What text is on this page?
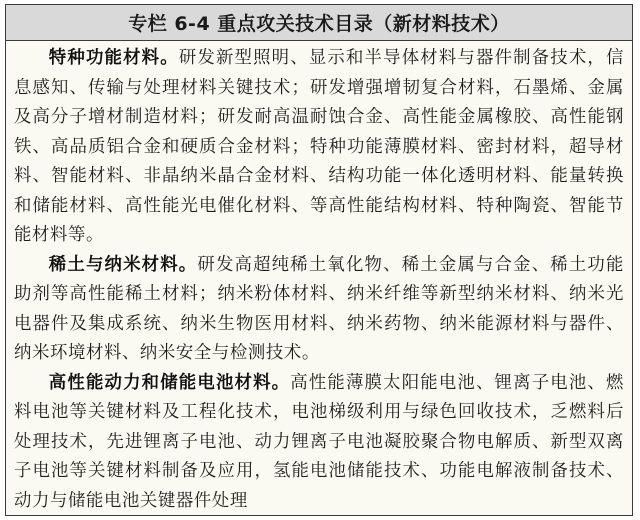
专栏 6-4 重点攻关技术目录（新材料技术）

特种功能材料。研发新型照明、显示和半导体材料与器件制备技术，信息感知、传输与处理材料关键技术；研发增强增韧复合材料，石墨烯、金属及高分子增材制造材料；研发耐高温耐蚀合金、高性能金属橡胶、高性能钢铁、高品质铝合金和硬质合金材料；特种功能薄膜材料、密封材料，超导材料、智能材料、非晶纳米晶合金材料、结构功能一体化透明材料、能量转换和储能材料、高性能光电催化材料、等高性能结构材料、特种陶瓷、智能节能材料等。

稀土与纳米材料。研发高超纯稀土氧化物、稀土金属与合金、稀土功能助剂等高性能稀土材料；纳米粉体材料、纳米纤维等新型纳米材料、纳米光电器件及集成系统、纳米生物医用材料、纳米药物、纳米能源材料与器件、纳米环境材料、纳米安全与检测技术。

高性能动力和储能电池材料。高性能薄膜太阳能电池、锂离子电池、燃料电池等关键材料及工程化技术，电池梯级利用与绿色回收技术，乏燃料后处理技术，先进锂离子电池、动力锂离子电池凝胶聚合物电解质、新型双离子电池等关键材料制备及应用，氢能电池储能技术、功能电解液制备技术、动力与储能电池关键器件处理
